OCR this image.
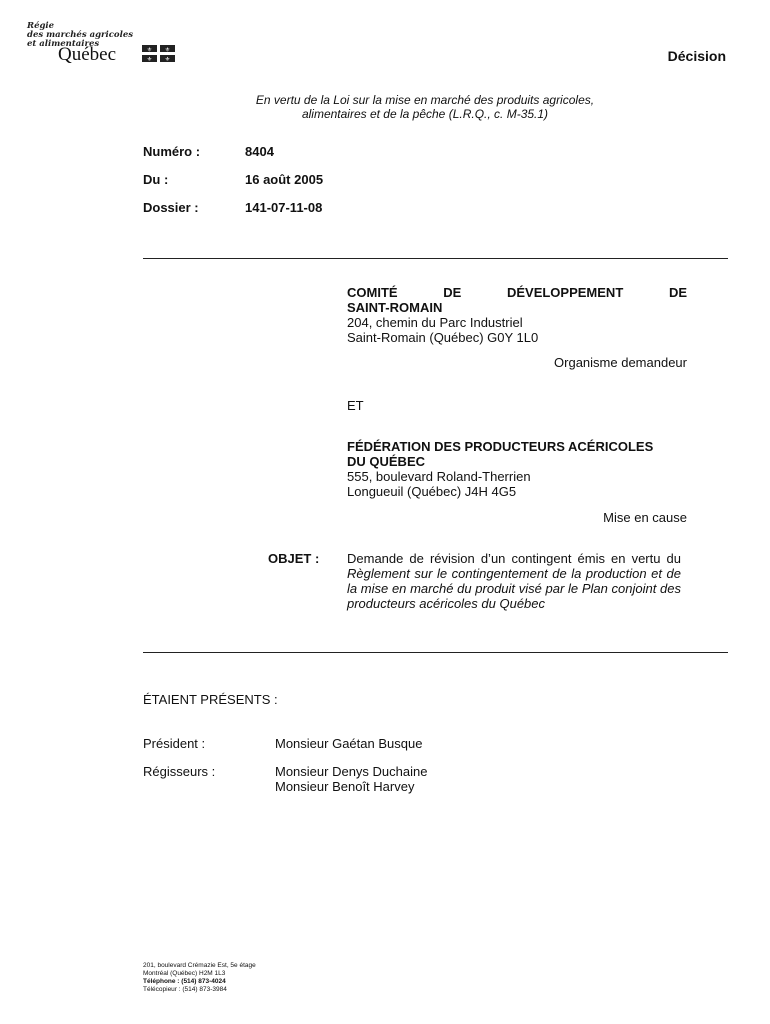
Régie
des marchés agricoles
et alimentaires
Québec	⚜ ⚜
⚜ ⚜	Décision
En vertu de la Loi sur la mise en marché des produits agricoles,
alimentaires et de la pêche (L.R.Q., c. M-35.1)
Numéro :	8404
Du :	16 août 2005
Dossier :	141-07-11-08
COMITÉ	DE	DÉVELOPPEMENT	DE
SAINT-ROMAIN
204, chemin du Parc Industriel
Saint-Romain (Québec) G0Y 1L0
Organisme demandeur
ET
FÉDÉRATION DES PRODUCTEURS ACÉRICOLES
DU QUÉBEC
555, boulevard Roland-Therrien
Longueuil (Québec) J4H 4G5
Mise en cause
OBJET : Demande de révision d’un contingent émis en vertu du Règlement sur le contingentement de la production et de la mise en marché du produit visé par le Plan conjoint des producteurs acéricoles du Québec
ÉTAIENT PRÉSENTS :
Président :	Monsieur Gaétan Busque
Régisseurs :	Monsieur Denys Duchaine
Monsieur Benoît Harvey
201, boulevard Crémazie Est, 5e étage
Montréal (Québec) H2M 1L3
Téléphone : (514) 873-4024
Télécopieur : (514) 873-3984
